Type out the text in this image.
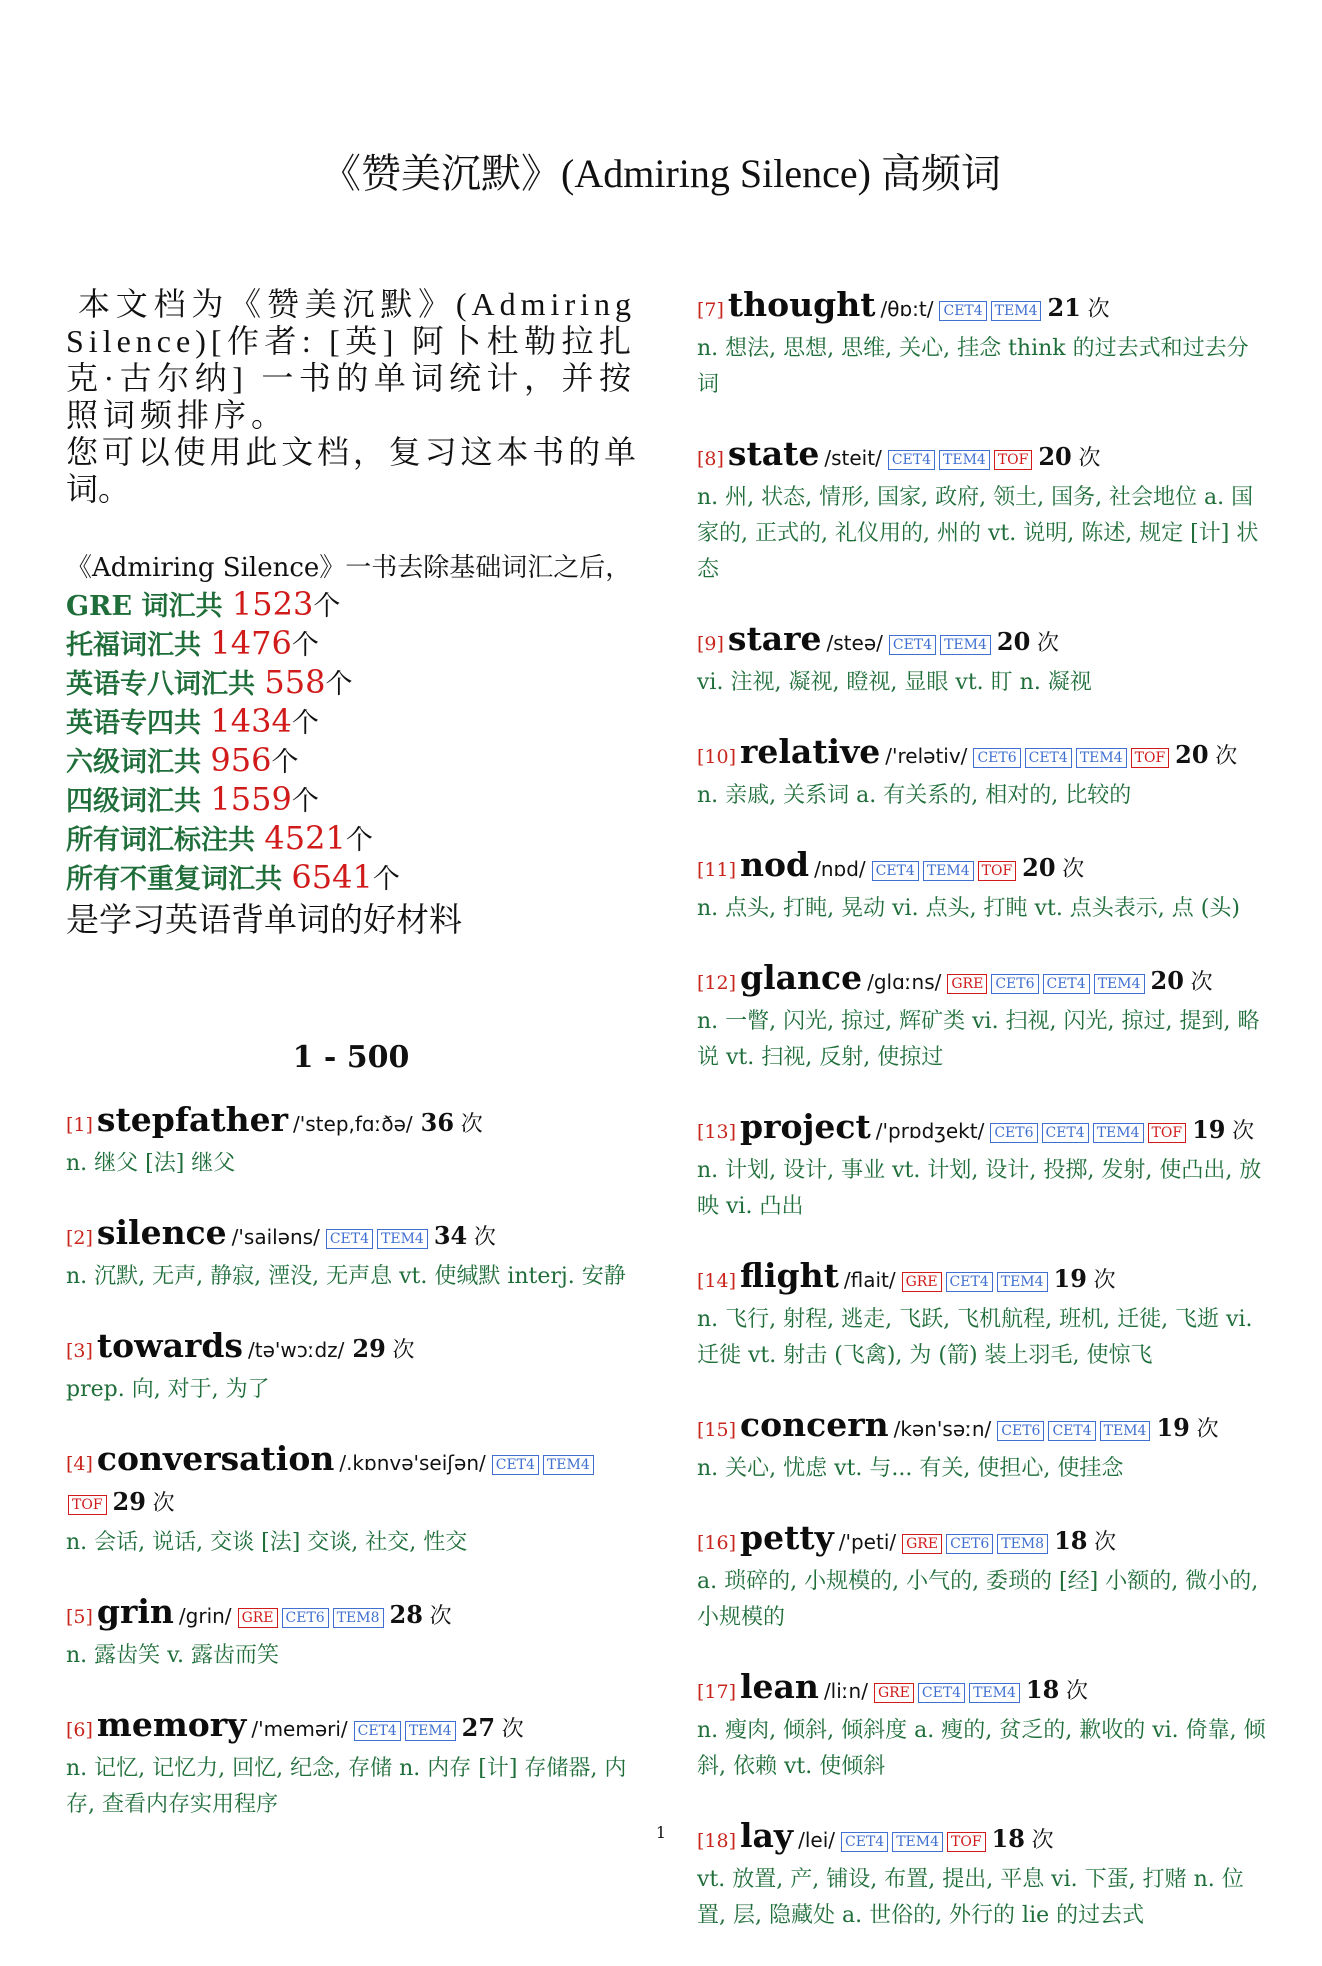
《赞美沉默》(Admiring Silence) 高频词

本文档为《赞美沉默》(Admiring Silence)[作者: [英] 阿卜杜勒拉扎克·古尔纳] 一书的单词统计，并按照词频排序。

您可以使用此文档，复习这本书的单词。

《Admiring Silence》一书去除基础词汇之后，
GRE 词汇共 1523个
托福词汇共 1476个
英语专八词汇共 558个
英语专四共 1434个
六级词汇共 956个
四级词汇共 1559个
所有词汇标注共 4521个
所有不重复词汇共 6541个
是学习英语背单词的好材料
1 - 500
[1] stepfather /'step,fɑːðə/ 36 次
n. 继父 [法] 继父
[2] silence /'sailəns/ CET4 TEM4 34 次
n. 沉默, 无声, 静寂, 湮没, 无声息 vt. 使缄默 interj. 安静
[3] towards /tə'wɔːdz/ 29 次
prep. 向, 对于, 为了
[4] conversation /.kɒnvə'seiʃən/ CET4 TEM4TOF 29 次
n. 会话, 说话, 交谈 [法] 交谈, 社交, 性交
[5] grin /grin/ GRE CET6 TEM8 28 次
n. 露齿笑 v. 露齿而笑
[6] memory /'meməri/ CET4 TEM4 27 次
n. 记忆, 记忆力, 回忆, 纪念, 存储 n. 内存 [计] 存储器, 内存, 查看内存实用程序
[7] thought /θɒ:t/ CET4 TEM4 21 次
n. 想法, 思想, 思维, 关心, 挂念 think 的过去式和过去分词
[8] state /steit/ CET4 TEM4 TOF 20 次
n. 州, 状态, 情形, 国家, 政府, 领土, 国务, 社会地位 a. 国家的, 正式的, 礼仪用的, 州的 vt. 说明, 陈述, 规定 [计] 状态
[9] stare /steə/ CET4 TEM4 20 次
vi. 注视, 凝视, 瞪视, 显眼 vt. 盯 n. 凝视
[10] relative /'relətiv/ CET6 CET4 TEM4 TOF 20 次
n. 亲戚, 关系词 a. 有关系的, 相对的, 比较的
[11] nod /nɒd/ CET4 TEM4 TOF 20 次
n. 点头, 打盹, 晃动 vi. 点头, 打盹 vt. 点头表示, 点 (头)
[12] glance /glɑːns/ GRE CET6 CET4 TEM4 20 次
n. 一瞥, 闪光, 掠过, 辉矿类 vi. 扫视, 闪光, 掠过, 提到, 略说 vt. 扫视, 反射, 使掠过
[13] project /'prɒdʒekt/ CET6 CET4 TEM4 TOF 19 次
n. 计划, 设计, 事业 vt. 计划, 设计, 投掷, 发射, 使凸出, 放映 vi. 凸出
[14] flight /flait/ GRE CET4 TEM4 19 次
n. 飞行, 射程, 逃走, 飞跃, 飞机航程, 班机, 迁徙, 飞逝 vi. 迁徙 vt. 射击 (飞禽), 为 (箭) 装上羽毛, 使惊飞
[15] concern /kən'səːn/ CET6 CET4 TEM4 19 次
n. 关心, 忧虑 vt. 与... 有关, 使担心, 使挂念
[16] petty /'peti/ GRE CET6 TEM8 18 次
a. 琐碎的, 小规模的, 小气的, 委琐的 [经] 小额的, 微小的, 小规模的
[17] lean /liːn/ GRE CET4 TEM4 18 次
n. 瘦肉, 倾斜, 倾斜度 a. 瘦的, 贫乏的, 歉收的 vi. 倚靠, 倾斜, 依赖 vt. 使倾斜
[18] lay /lei/ CET4 TEM4 TOF 18 次
vt. 放置, 产, 铺设, 布置, 提出, 平息 vi. 下蛋, 打赌 n. 位置, 层, 隐藏处 a. 世俗的, 外行的 lie 的过去式
1
